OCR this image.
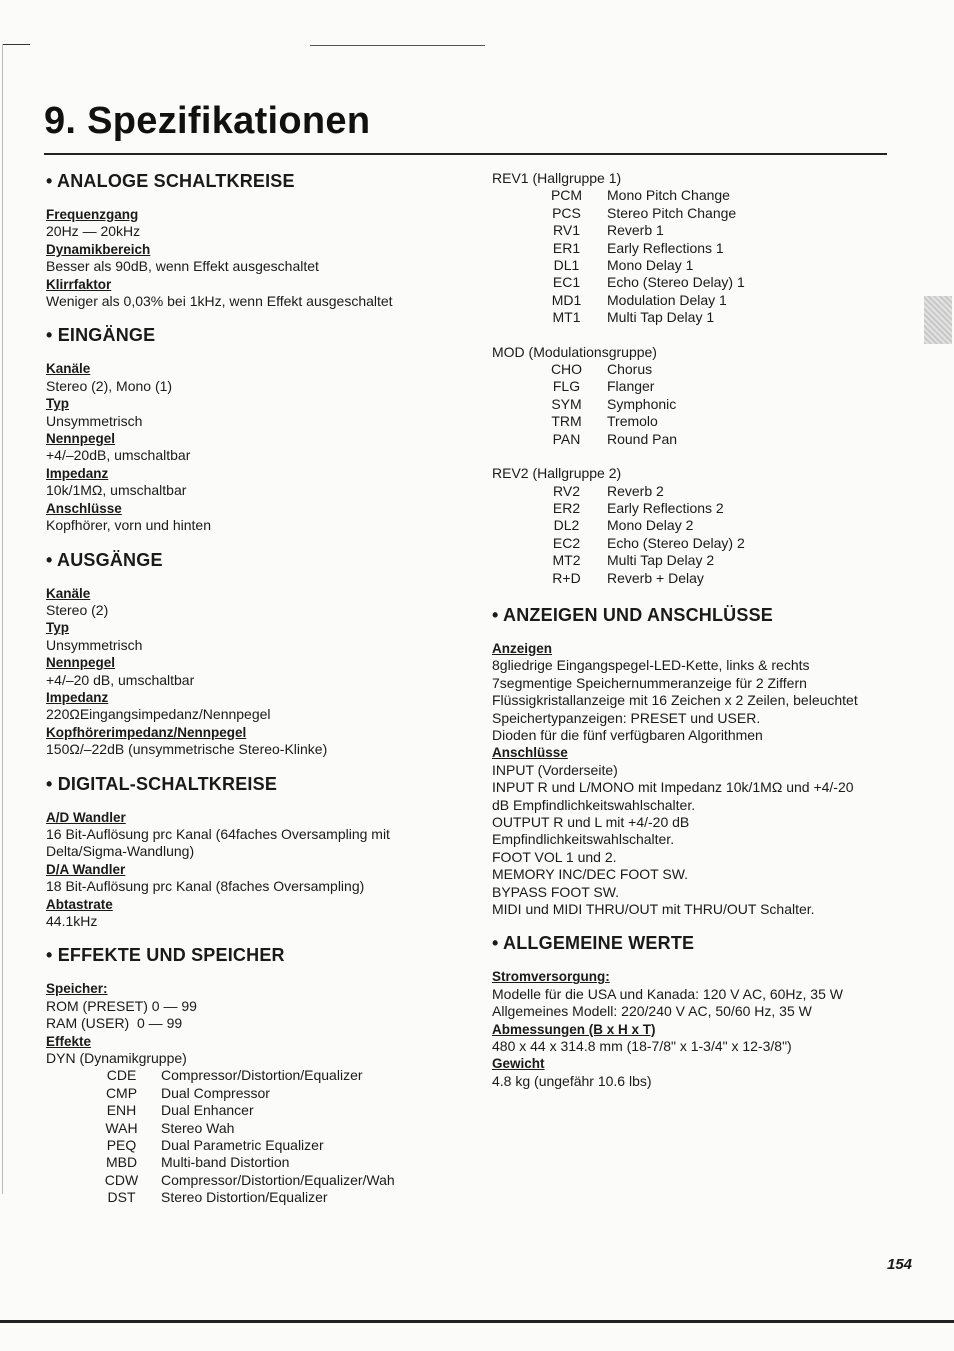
9. Spezifikationen
• ANALOGE SCHALTKREISE
Frequenzgang
20Hz — 20kHz
Dynamikbereich
Besser als 90dB, wenn Effekt ausgeschaltet
Klirrfaktor
Weniger als 0,03% bei 1kHz, wenn Effekt ausgeschaltet
• EINGÄNGE
Kanäle
Stereo (2), Mono (1)
Typ
Unsymmetrisch
Nennpegel
+4/–20dB, umschaltbar
Impedanz
10k/1MΩ, umschaltbar
Anschlüsse
Kopfhörer, vorn und hinten
• AUSGÄNGE
Kanäle
Stereo (2)
Typ
Unsymmetrisch
Nennpegel
+4/–20 dB, umschaltbar
Impedanz
220ΩEingangsimpedanz/Nennpegel
Kopfhörerimpedanz/Nennpegel
150Ω/–22dB (unsymmetrische Stereo-Klinke)
• DIGITAL-SCHALTKREISE
A/D Wandler
16 Bit-Auflösung prc Kanal (64faches Oversampling mit Delta/Sigma-Wandlung)
D/A Wandler
18 Bit-Auflösung prc Kanal (8faches Oversampling)
Abtastrate
44.1kHz
• EFFEKTE UND SPEICHER
Speicher:
ROM (PRESET) 0 — 99
RAM (USER)  0 — 99
Effekte
DYN (Dynamikgruppe)
CDE	Compressor/Distortion/Equalizer
CMP	Dual Compressor
ENH	Dual Enhancer
WAH	Stereo Wah
PEQ	Dual Parametric Equalizer
MBD	Multi-band Distortion
CDW	Compressor/Distortion/Equalizer/Wah
DST	Stereo Distortion/Equalizer
REV1 (Hallgruppe 1)
PCM	Mono Pitch Change
PCS	Stereo Pitch Change
RV1	Reverb 1
ER1	Early Reflections 1
DL1	Mono Delay 1
EC1	Echo (Stereo Delay) 1
MD1	Modulation Delay 1
MT1	Multi Tap Delay 1
MOD (Modulationsgruppe)
CHO	Chorus
FLG	Flanger
SYM	Symphonic
TRM	Tremolo
PAN	Round Pan
REV2 (Hallgruppe 2)
RV2	Reverb 2
ER2	Early Reflections 2
DL2	Mono Delay 2
EC2	Echo (Stereo Delay) 2
MT2	Multi Tap Delay 2
R+D	Reverb + Delay
• ANZEIGEN UND ANSCHLÜSSE
Anzeigen
8gliedrige Eingangspegel-LED-Kette, links & rechts
7segmentige Speichernummeranzeige für 2 Ziffern
Flüssigkristallanzeige mit 16 Zeichen x 2 Zeilen, beleuchtet
Speichertypanzeigen: PRESET und USER.
Dioden für die fünf verfügbaren Algorithmen
Anschlüsse
INPUT (Vorderseite)
INPUT R und L/MONO mit Impedanz 10k/1MΩ und +4/-20
dB Empfindlichkeitswahlschalter.
OUTPUT R und L mit +4/-20 dB
Empfindlichkeitswahlschalter.
FOOT VOL 1 und 2.
MEMORY INC/DEC FOOT SW.
BYPASS FOOT SW.
MIDI und MIDI THRU/OUT mit THRU/OUT Schalter.
• ALLGEMEINE WERTE
Stromversorgung:
Modelle für die USA und Kanada: 120 V AC, 60Hz, 35 W
Allgemeines Modell: 220/240 V AC, 50/60 Hz, 35 W
Abmessungen (B x H x T)
480 x 44 x 314.8 mm (18-7/8" x 1-3/4" x 12-3/8")
Gewicht
4.8 kg (ungefähr 10.6 lbs)
154
